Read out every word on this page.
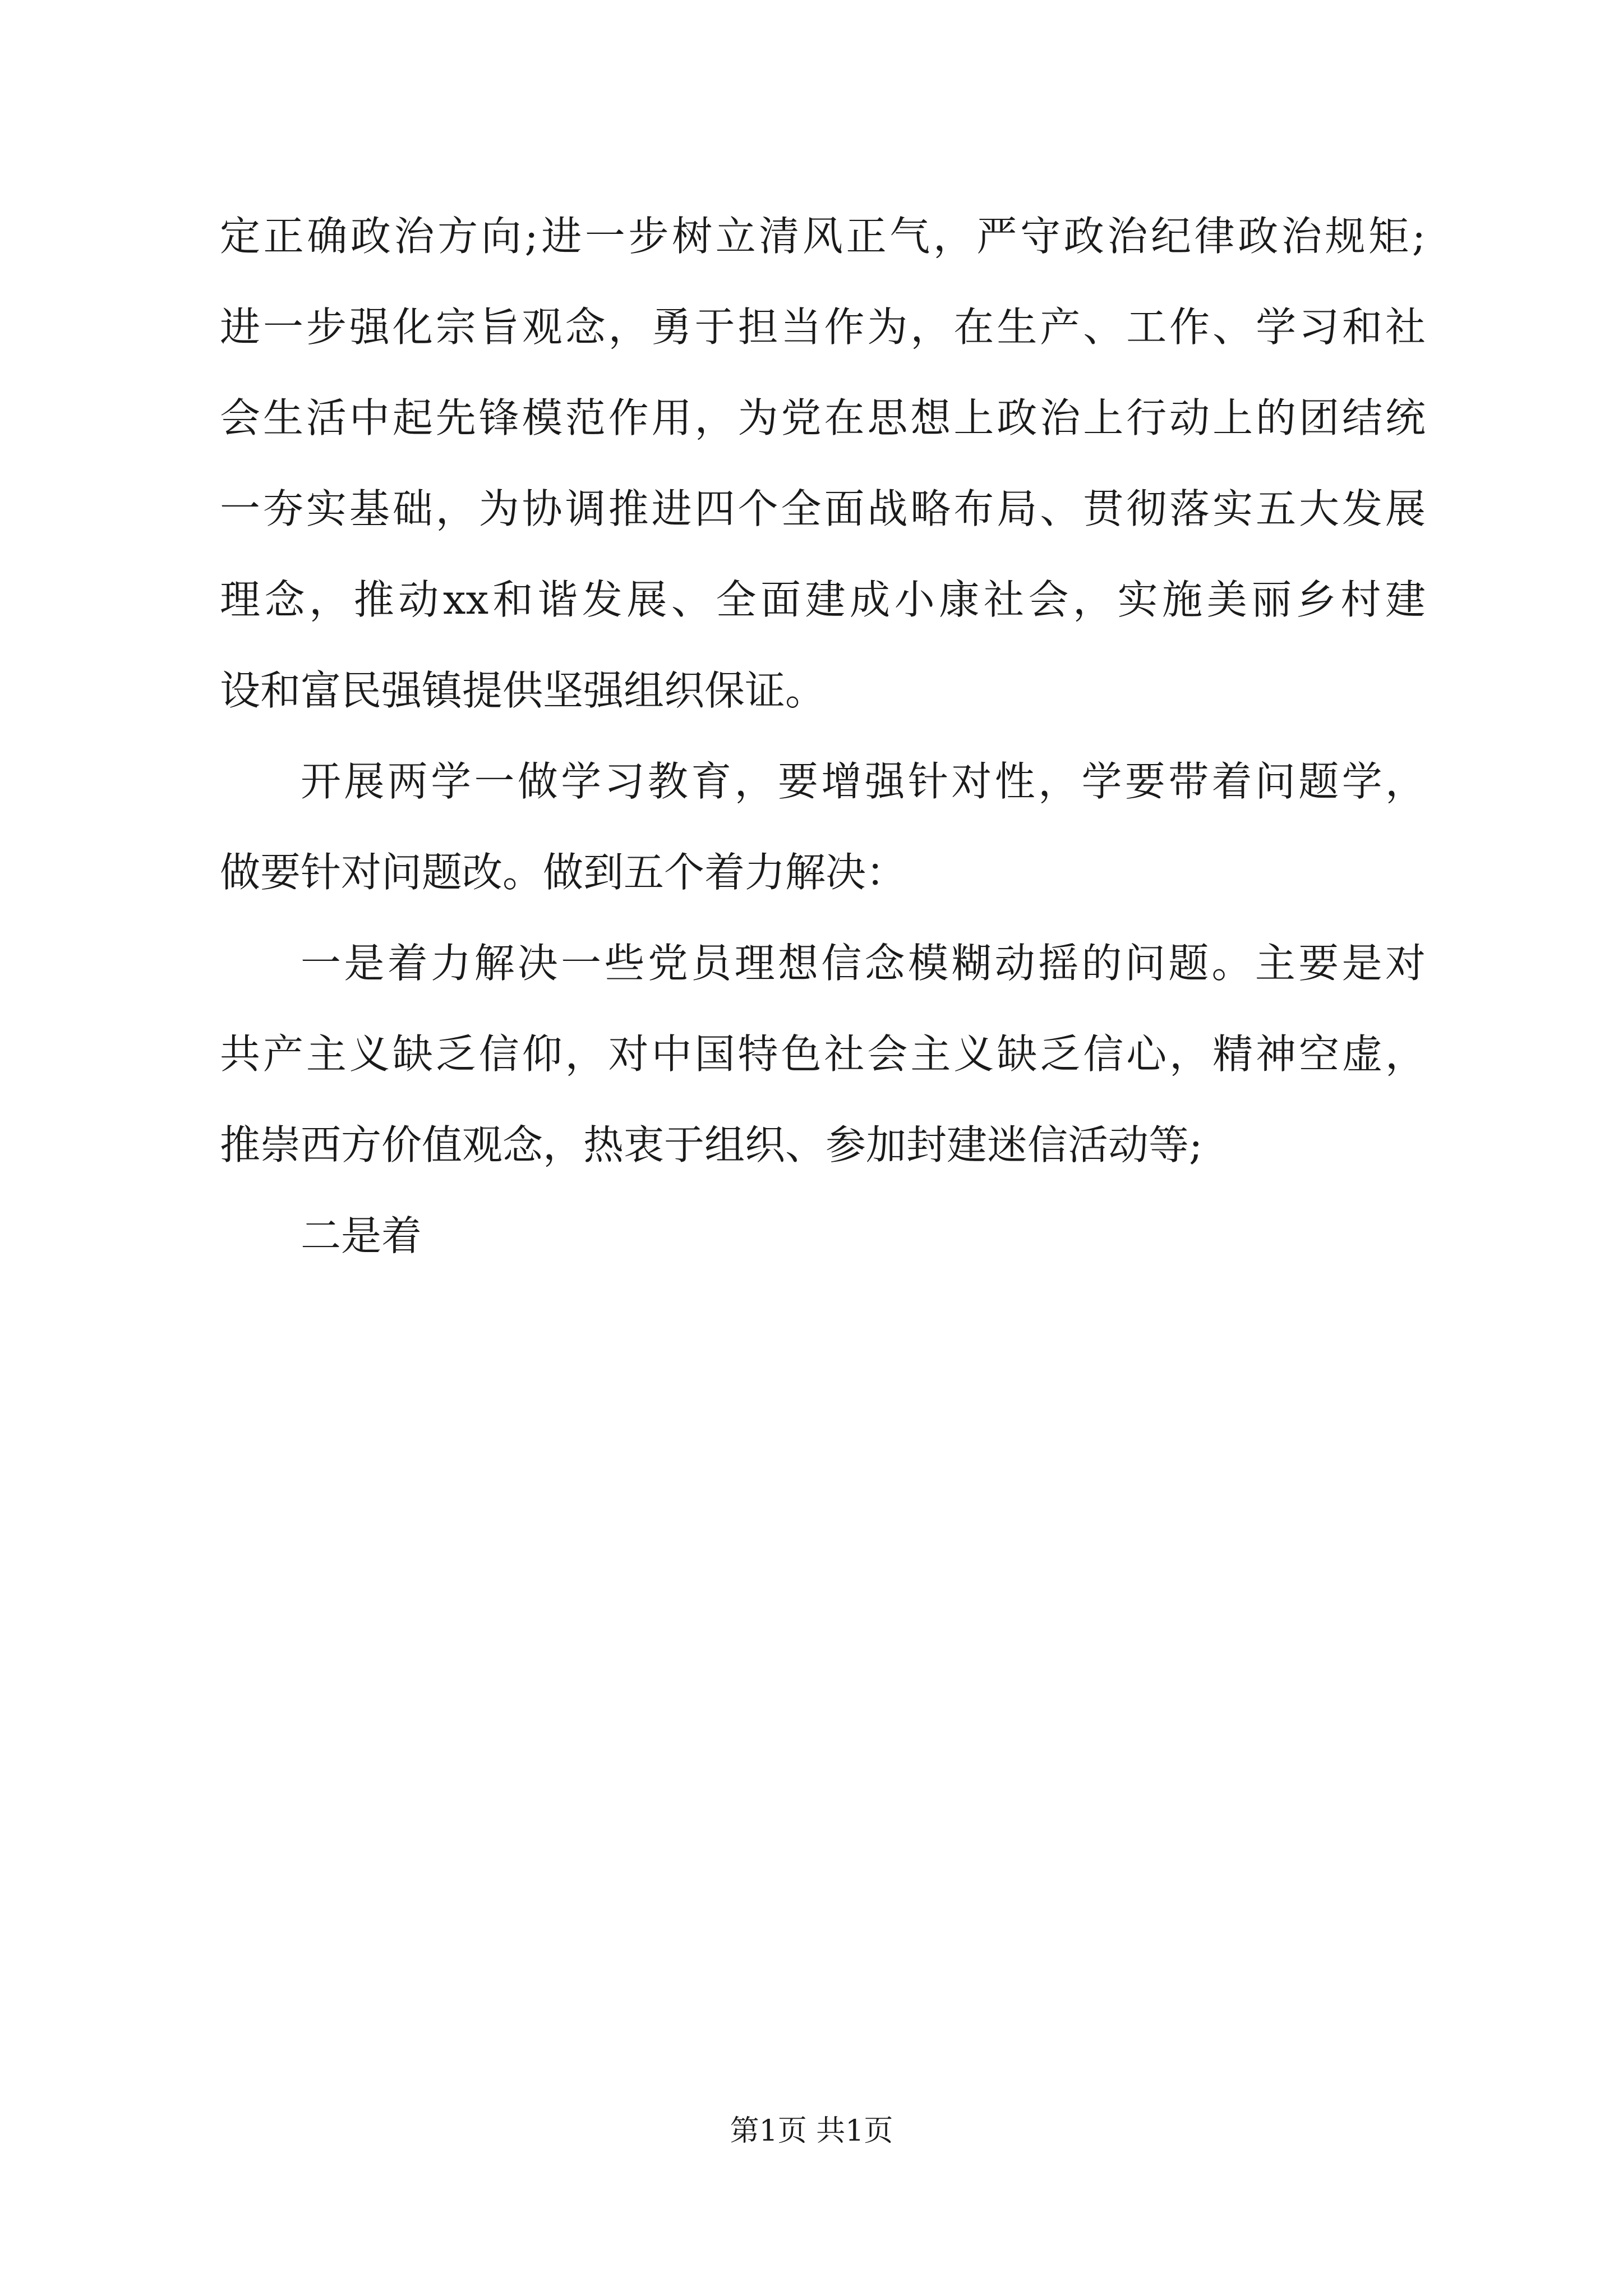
定正确政治方向;进一步树立清风正气，严守政治纪律政治规矩;
进一步强化宗旨观念，勇于担当作为，在生产、工作、学习和社
会生活中起先锋模范作用，为党在思想上政治上行动上的团结统
一夯实基础，为协调推进四个全面战略布局、贯彻落实五大发展
理念，推动xx和谐发展、全面建成小康社会，实施美丽乡村建
设和富民强镇提供坚强组织保证。
开展两学一做学习教育，要增强针对性，学要带着问题学，
做要针对问题改。做到五个着力解决：
一是着力解决一些党员理想信念模糊动摇的问题。主要是对
共产主义缺乏信仰，对中国特色社会主义缺乏信心，精神空虚，
推崇西方价值观念，热衷于组织、参加封建迷信活动等;
二是着
第1页 共1页
